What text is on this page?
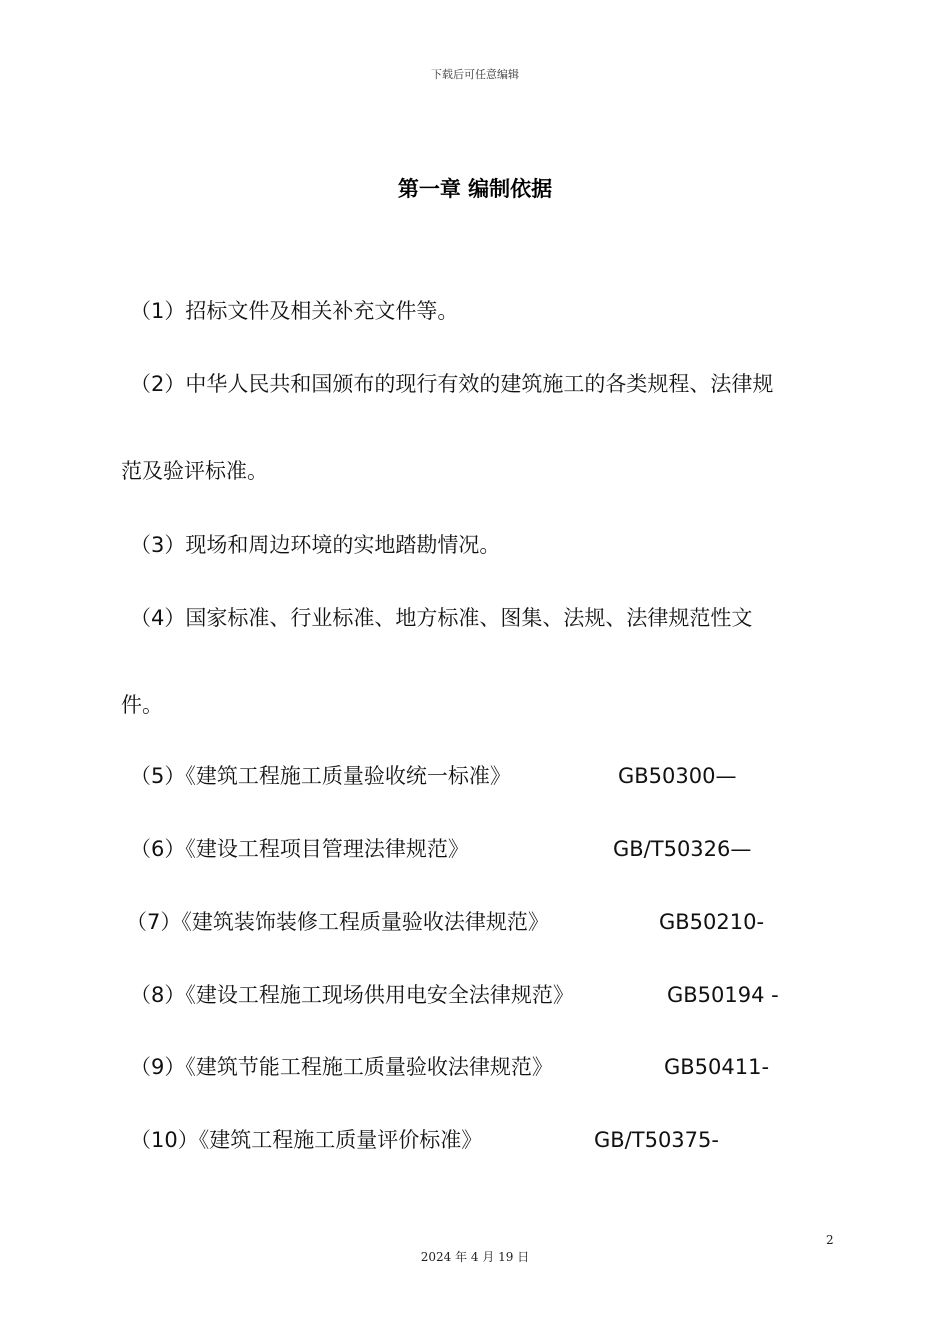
下载后可任意编辑
第一章 编制依据
（1）招标文件及相关补充文件等。
（2）中华人民共和国颁布的现行有效的建筑施工的各类规程、法律规
范及验评标准。
（3）现场和周边环境的实地踏勘情况。
（4）国家标准、行业标准、地方标准、图集、法规、法律规范性文
件。
（5）《建筑工程施工质量验收统一标准》	GB50300—
（6）《建设工程项目管理法律规范》	GB/T50326—
（7）《建筑装饰装修工程质量验收法律规范》	GB50210-
（8）《建设工程施工现场供用电安全法律规范》	GB50194 -
（9）《建筑节能工程施工质量验收法律规范》	GB50411-
（10）《建筑工程施工质量评价标准》	GB/T50375-
2
2024 年 4 月 19 日
